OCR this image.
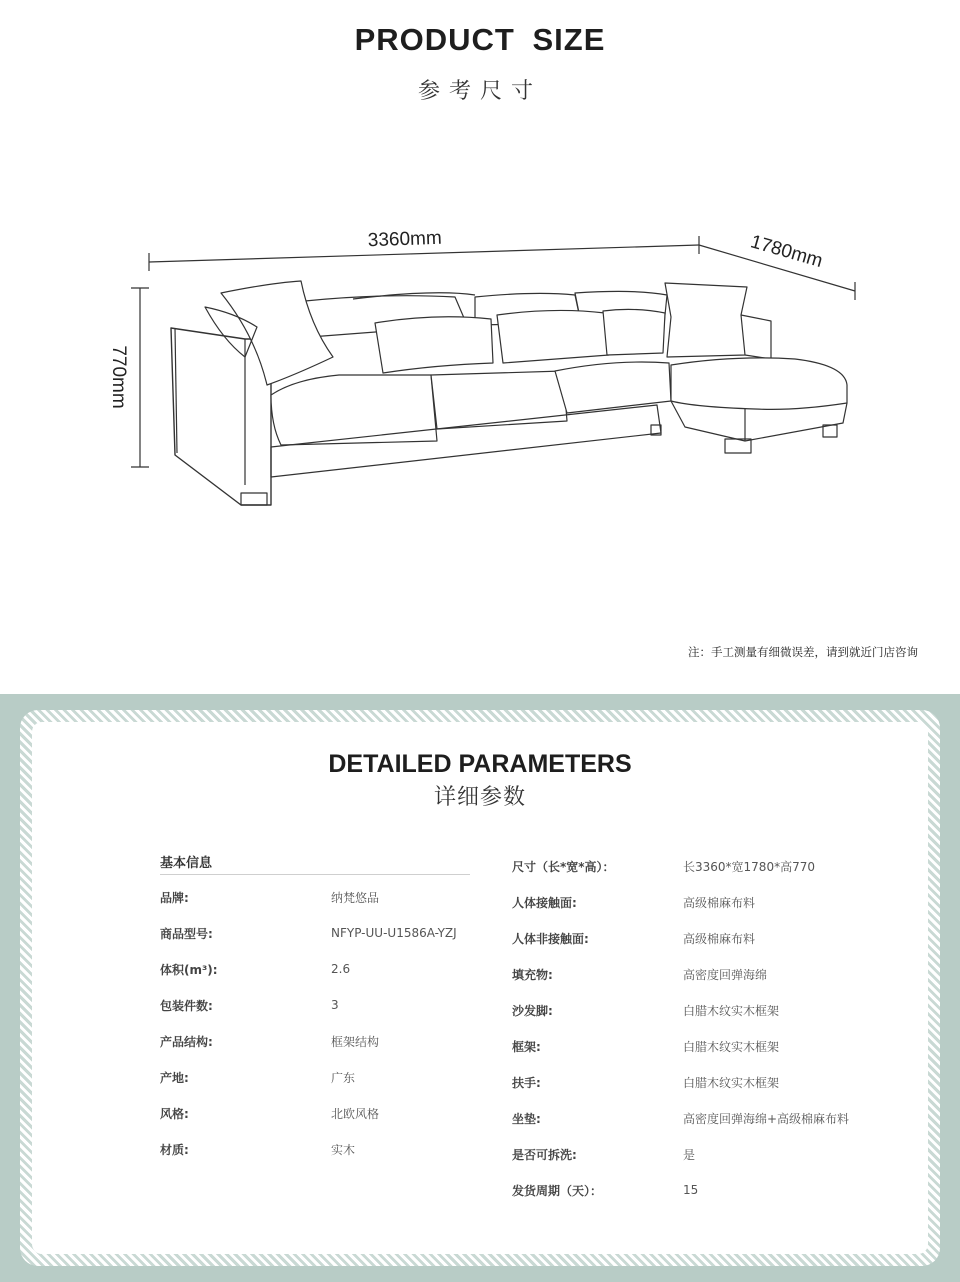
PRODUCT SIZE
参考尺寸
3360mm	1780mm
770mm
注：手工测量有细微误差，请到就近门店咨询
DETAILED PARAMETERS
详细参数
基本信息
品牌:	纳梵悠品
商品型号:	NFYP-UU-U1586A-YZJ
体积(m³):	2.6
包装件数:	3
产品结构:	框架结构
产地:	广东
风格:	北欧风格
材质:	实木
尺寸（长*宽*高）：	长3360*宽1780*高770
人体接触面:	高级棉麻布料
人体非接触面:	高级棉麻布料
填充物:	高密度回弹海绵
沙发脚:	白腊木纹实木框架
框架:	白腊木纹实木框架
扶手:	白腊木纹实木框架
坐垫:	高密度回弹海绵+高级棉麻布料
是否可拆洗:	是
发货周期（天）：	15
